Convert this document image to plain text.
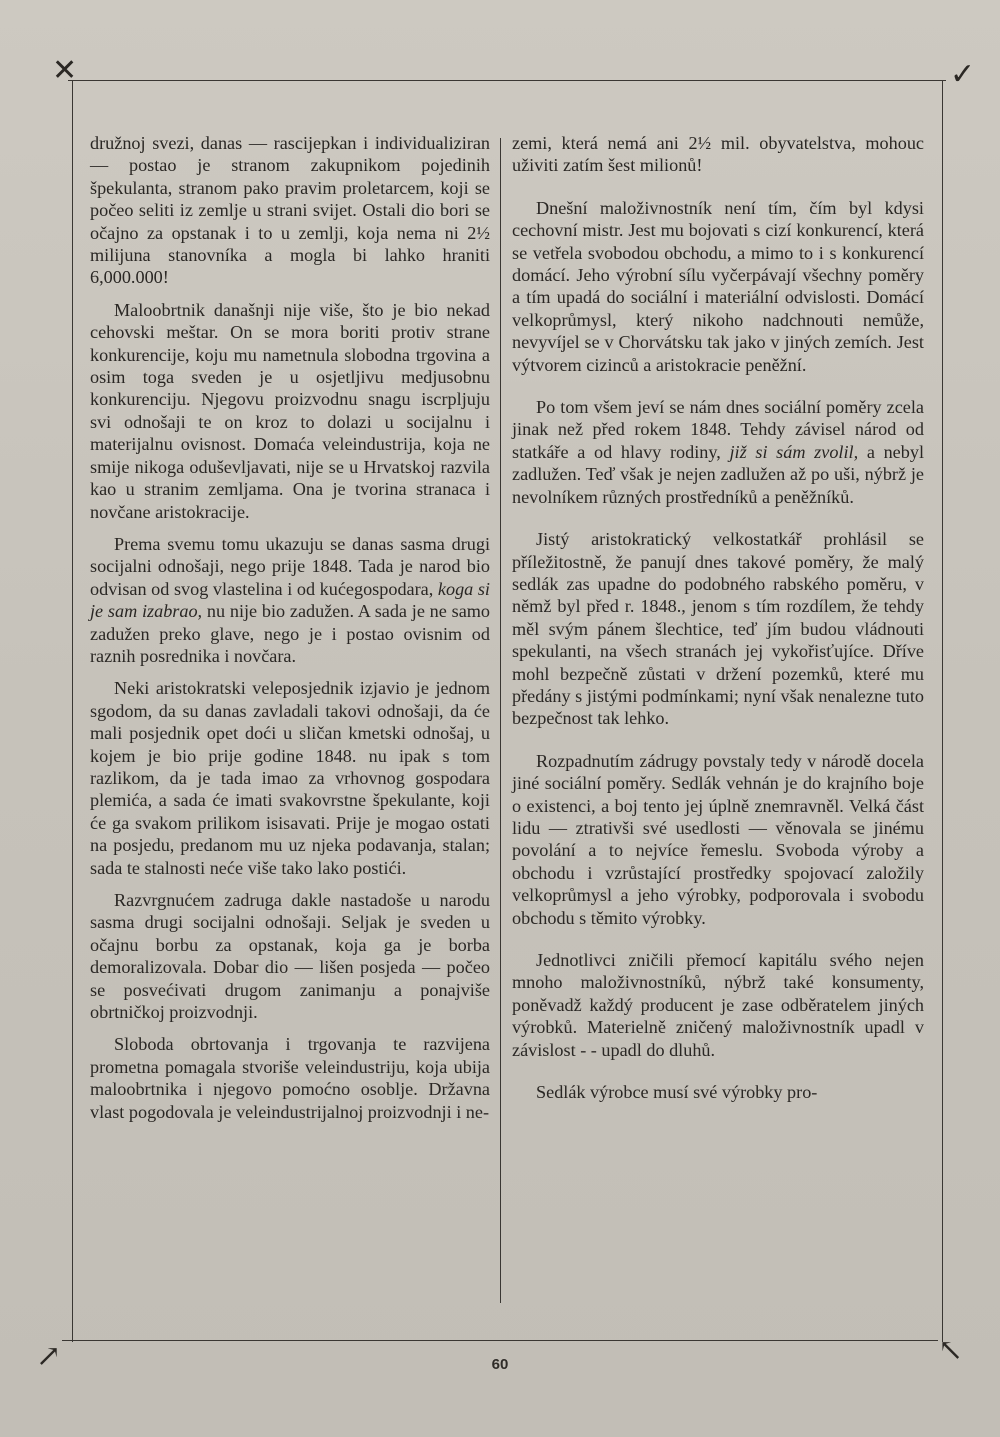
✕	✓
↗	↖

družnoj svezi, danas — rascijepkan i individualiziran — postao je stranom zakupnikom pojedinih špekulanta, stranom pako pravim proletarcem, koji se počeo seliti iz zemlje u strani svijet. Ostali dio bori se očajno za opstanak i to u zemlji, koja nema ni 2½ milijuna stanovníka a mogla bi lahko hraniti 6,000.000!

Maloobrtnik današnji nije više, što je bio nekad cehovski meštar. On se mora boriti protiv strane konkurencije, koju mu nametnula slobodna trgovina a osim toga sveden je u osjetljivu medjusobnu konkurenciju. Njegovu proizvodnu snagu iscrpljuju svi odnošaji te on kroz to dolazi u socijalnu i materijalnu ovisnost. Domaća veleindustrija, koja ne smije nikoga oduševljavati, nije se u Hrvatskoj razvila kao u stranim zemljama. Ona je tvorina stranaca i novčane aristokracije.

Prema svemu tomu ukazuju se danas sasma drugi socijalni odnošaji, nego prije 1848. Tada je narod bio odvisan od svog vlastelina i od kućegospodara, koga si je sam izabrao, nu nije bio zadužen. A sada je ne samo zadužen preko glave, nego je i postao ovisnim od raznih posrednika i novčara.

Neki aristokratski veleposjednik izjavio je jednom sgodom, da su danas zavladali takovi odnošaji, da će mali posjednik opet doći u sličan kmetski odnošaj, u kojem je bio prije godine 1848. nu ipak s tom razlikom, da je tada imao za vrhovnog gospodara plemića, a sada će imati svakovrstne špekulante, koji će ga svakom prilikom isisavati. Prije je mogao ostati na posjedu, predanom mu uz njeka podavanja, stalan; sada te stalnosti neće više tako lako postići.

Razvrgnućem zadruga dakle nastadoše u narodu sasma drugi socijalni odnošaji. Seljak je sveden u očajnu borbu za opstanak, koja ga je borba demoralizovala. Dobar dio — lišen posjeda — počeo se posvećivati drugom zanimanju a ponajviše obrtničkoj proizvodnji.

Sloboda obrtovanja i trgovanja te razvijena prometna pomagala stvoriše veleindustriju, koja ubija maloobrtnika i njegovo pomoćno osoblje. Državna vlast pogodovala je veleindustrijalnoj proizvodnji i ne-

zemi, která nemá ani 2½ mil. obyvatelstva, mohouc uživiti zatím šest milionů!

Dnešní maloživnostník není tím, čím byl kdysi cechovní mistr. Jest mu bojovati s cizí konkurencí, která se vetřela svobodou obchodu, a mimo to i s konkurencí domácí. Jeho výrobní sílu vyčerpávají všechny poměry a tím upadá do sociální i materiální odvislosti. Domácí velkoprůmysl, který nikoho nadchnouti nemůže, nevyvíjel se v Chorvátsku tak jako v jiných zemích. Jest výtvorem cizinců a aristokracie peněžní.

Po tom všem jeví se nám dnes sociální poměry zcela jinak než před rokem 1848. Tehdy závisel národ od statkáře a od hlavy rodiny, již si sám zvolil, a nebyl zadlužen. Teď však je nejen zadlužen až po uši, nýbrž je nevolníkem různých prostředníků a peněžníků.

Jistý aristokratický velkostatkář prohlásil se příležitostně, že panují dnes takové poměry, že malý sedlák zas upadne do podobného rabského poměru, v němž byl před r. 1848., jenom s tím rozdílem, že tehdy měl svým pánem šlechtice, teď jím budou vládnouti spekulanti, na všech stranách jej vykořisťujíce. Dříve mohl bezpečně zůstati v držení pozemků, které mu předány s jistými podmínkami; nyní však nenalezne tuto bezpečnost tak lehko.

Rozpadnutím zádrugy povstaly tedy v národě docela jiné sociální poměry. Sedlák vehnán je do krajního boje o existenci, a boj tento jej úplně znemravněl. Velká část lidu — ztrativši své usedlosti — věnovala se jinému povolání a to nejvíce řemeslu. Svoboda výroby a obchodu i vzrůstající prostředky spojovací založily velkoprůmysl a jeho výrobky, podporovala i svobodu obchodu s těmito výrobky.

Jednotlivci zničili přemocí kapitálu svého nejen mnoho maloživnostníků, nýbrž také konsumenty, poněvadž každý producent je zase odběratelem jiných výrobků. Materielně zničený maloživnostník upadl v závislost - - upadl do dluhů.

Sedlák výrobce musí své výrobky pro-

60
